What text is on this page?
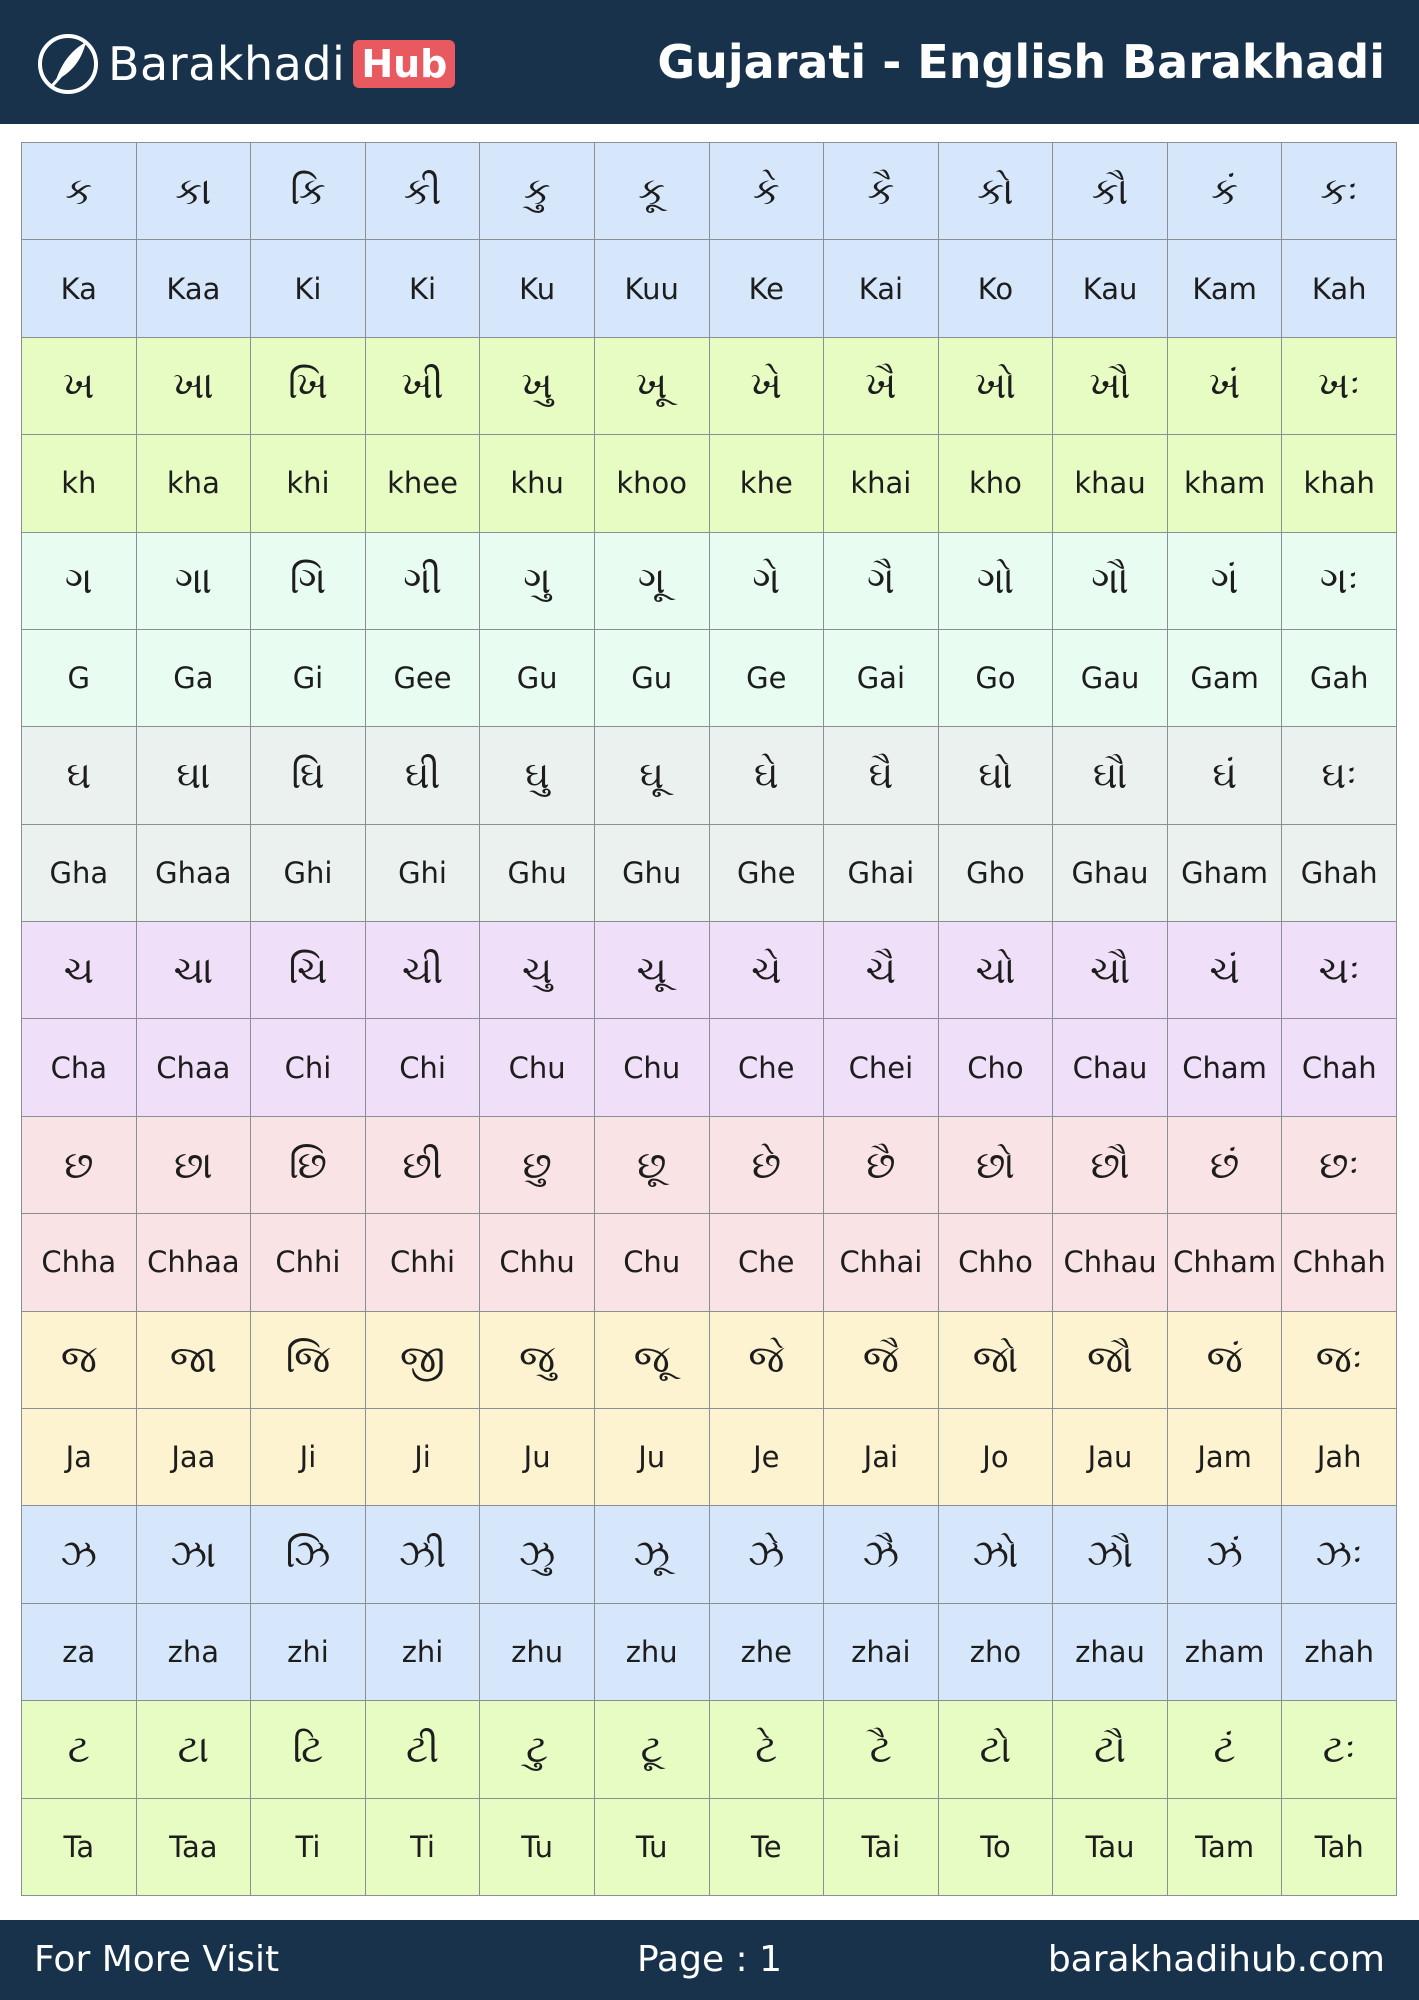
Barakhadi Hub	Gujarati - English Barakhadi
ક	કા	કિ	કી	કુ	કૂ	કે	કૈ	કો	કૌ	કં	કઃ
Ka	Kaa	Ki	Ki	Ku	Kuu	Ke	Kai	Ko	Kau	Kam	Kah
ખ	ખા	ખિ	ખી	ખુ	ખૂ	ખે	ખૈ	ખો	ખૌ	ખં	ખઃ
kh	kha	khi	khee	khu	khoo	khe	khai	kho	khau	kham	khah
ગ	ગા	ગિ	ગી	ગુ	ગૂ	ગે	ગૈ	ગો	ગૌ	ગં	ગઃ
G	Ga	Gi	Gee	Gu	Gu	Ge	Gai	Go	Gau	Gam	Gah
ઘ	ઘા	ઘિ	ઘી	ઘુ	ઘૂ	ઘે	ઘૈ	ઘો	ઘૌ	ઘં	ઘઃ
Gha	Ghaa	Ghi	Ghi	Ghu	Ghu	Ghe	Ghai	Gho	Ghau	Gham	Ghah
ચ	ચા	ચિ	ચી	ચુ	ચૂ	ચે	ચૈ	ચો	ચૌ	ચં	ચઃ
Cha	Chaa	Chi	Chi	Chu	Chu	Che	Chei	Cho	Chau	Cham	Chah
છ	છા	છિ	છી	છુ	છૂ	છે	છૈ	છો	છૌ	છં	છઃ
Chha	Chhaa	Chhi	Chhi	Chhu	Chu	Che	Chhai	Chho	Chhau Chham Chhah
જ	જા	જિ	જી	જુ	જૂ	જે	જૈ	જો	જૌ	જં	જઃ
Ja	Jaa	Ji	Ji	Ju	Ju	Je	Jai	Jo	Jau	Jam	Jah
ઝ	ઝા	ઝિ	ઝી	ઝુ	ઝૂ	ઝે	ઝૈ	ઝો	ઝૌ	ઝં	ઝઃ
za	zha	zhi	zhi	zhu	zhu	zhe	zhai	zho	zhau	zham	zhah
ટ	ટા	ટિ	ટી	ટુ	ટૂ	ટે	ટૈ	ટો	ટૌ	ટં	ટઃ
Ta	Taa	Ti	Ti	Tu	Tu	Te	Tai	To	Tau	Tam	Tah
For More Visit	Page : 1	barakhadihub.com
